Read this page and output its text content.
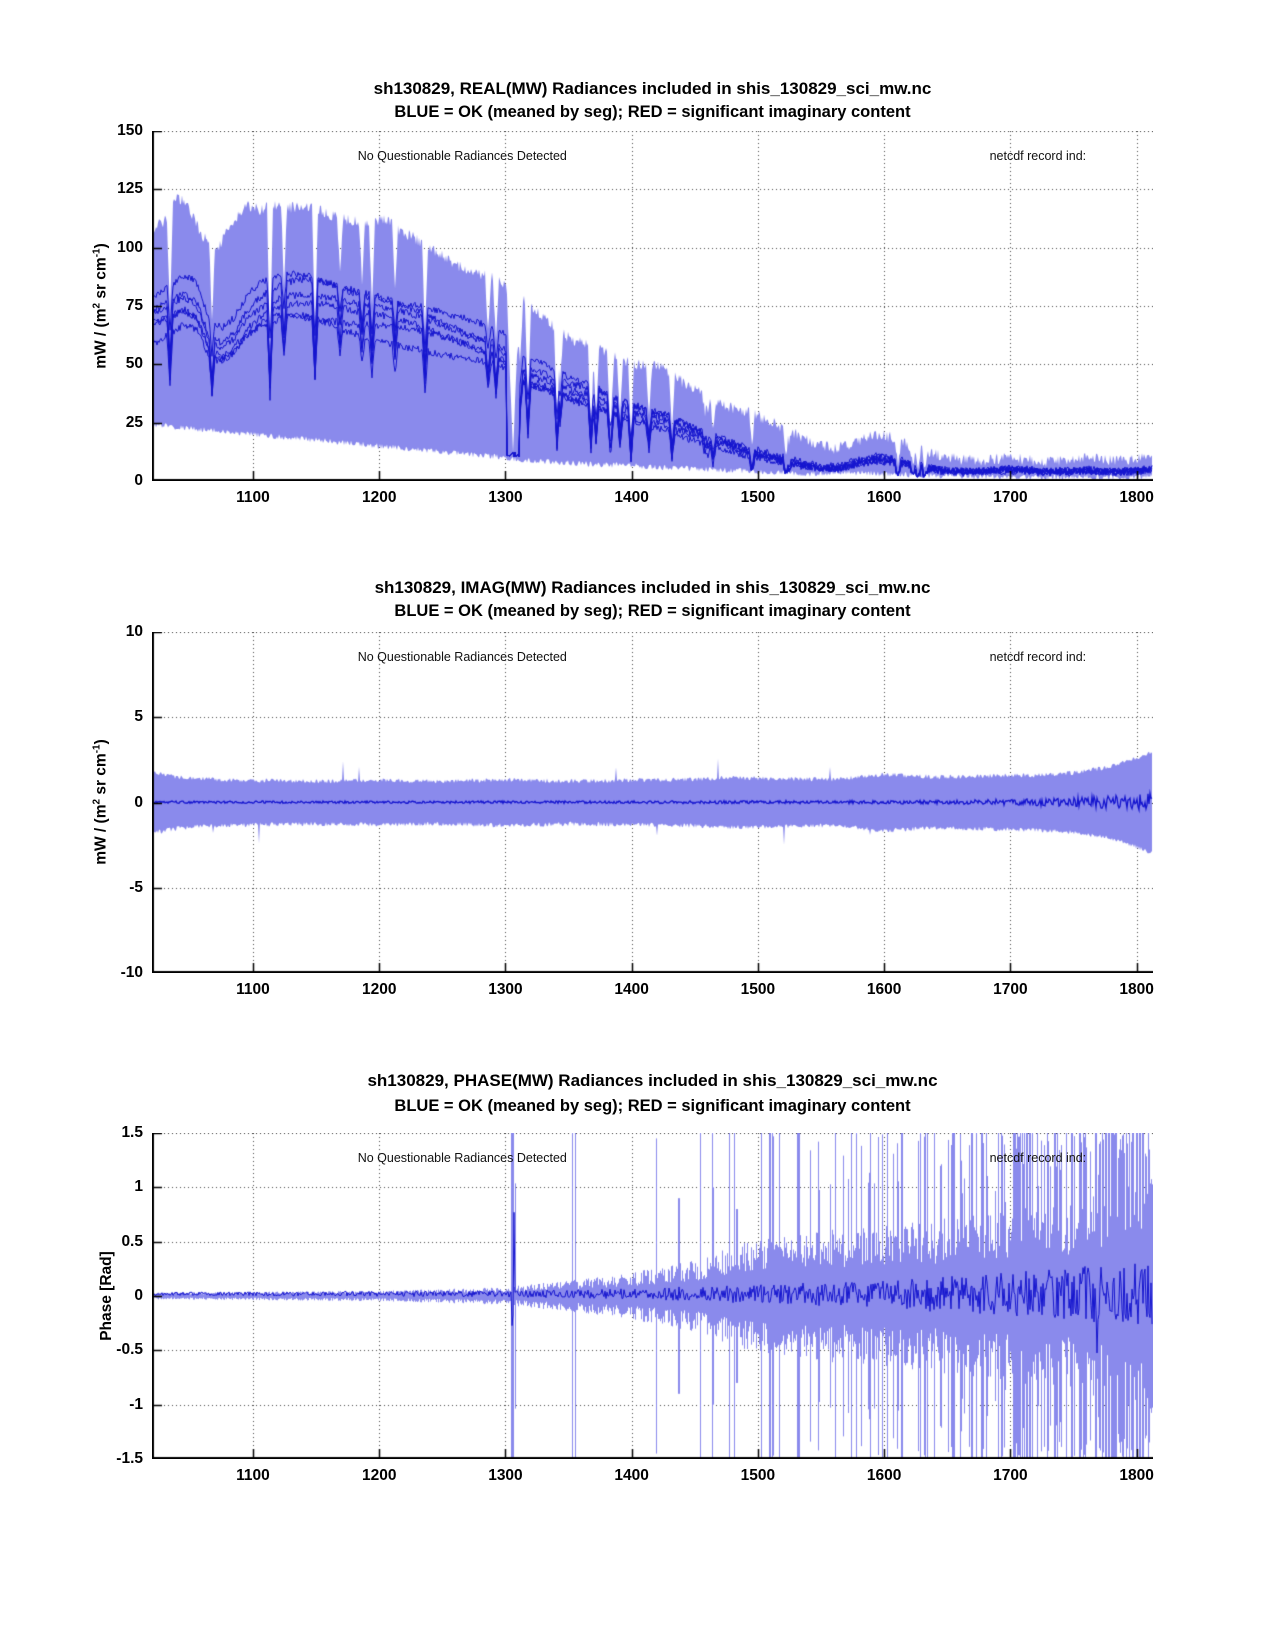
sh130829, REAL(MW) Radiances included in shis_130829_sci_mw.nc
BLUE = OK (meaned by seg); RED = significant imaginary content
mW / ($m^2$ sr $cm^{-1}$)
No Questionable Radiances Detected	netcdf record ind:
1100	1200	1300	1400	1500	1600	1700	1800
0
25
50
75
100
125
150
sh130829, IMAG(MW) Radiances included in shis_130829_sci_mw.nc
BLUE = OK (meaned by seg); RED = significant imaginary content
mW / ($m^2$ sr $cm^{-1}$)
No Questionable Radiances Detected	netcdf record ind:
1100	1200	1300	1400	1500	1600	1700	1800
-10
-5
0
5
10
sh130829, PHASE(MW) Radiances included in shis_130829_sci_mw.nc
BLUE = OK (meaned by seg); RED = significant imaginary content
Phase [Rad]
No Questionable Radiances Detected	netcdf record ind:
1100	1200	1300	1400	1500	1600	1700	1800
-1.5
-1
-0.5
0
0.5
1
1.5
